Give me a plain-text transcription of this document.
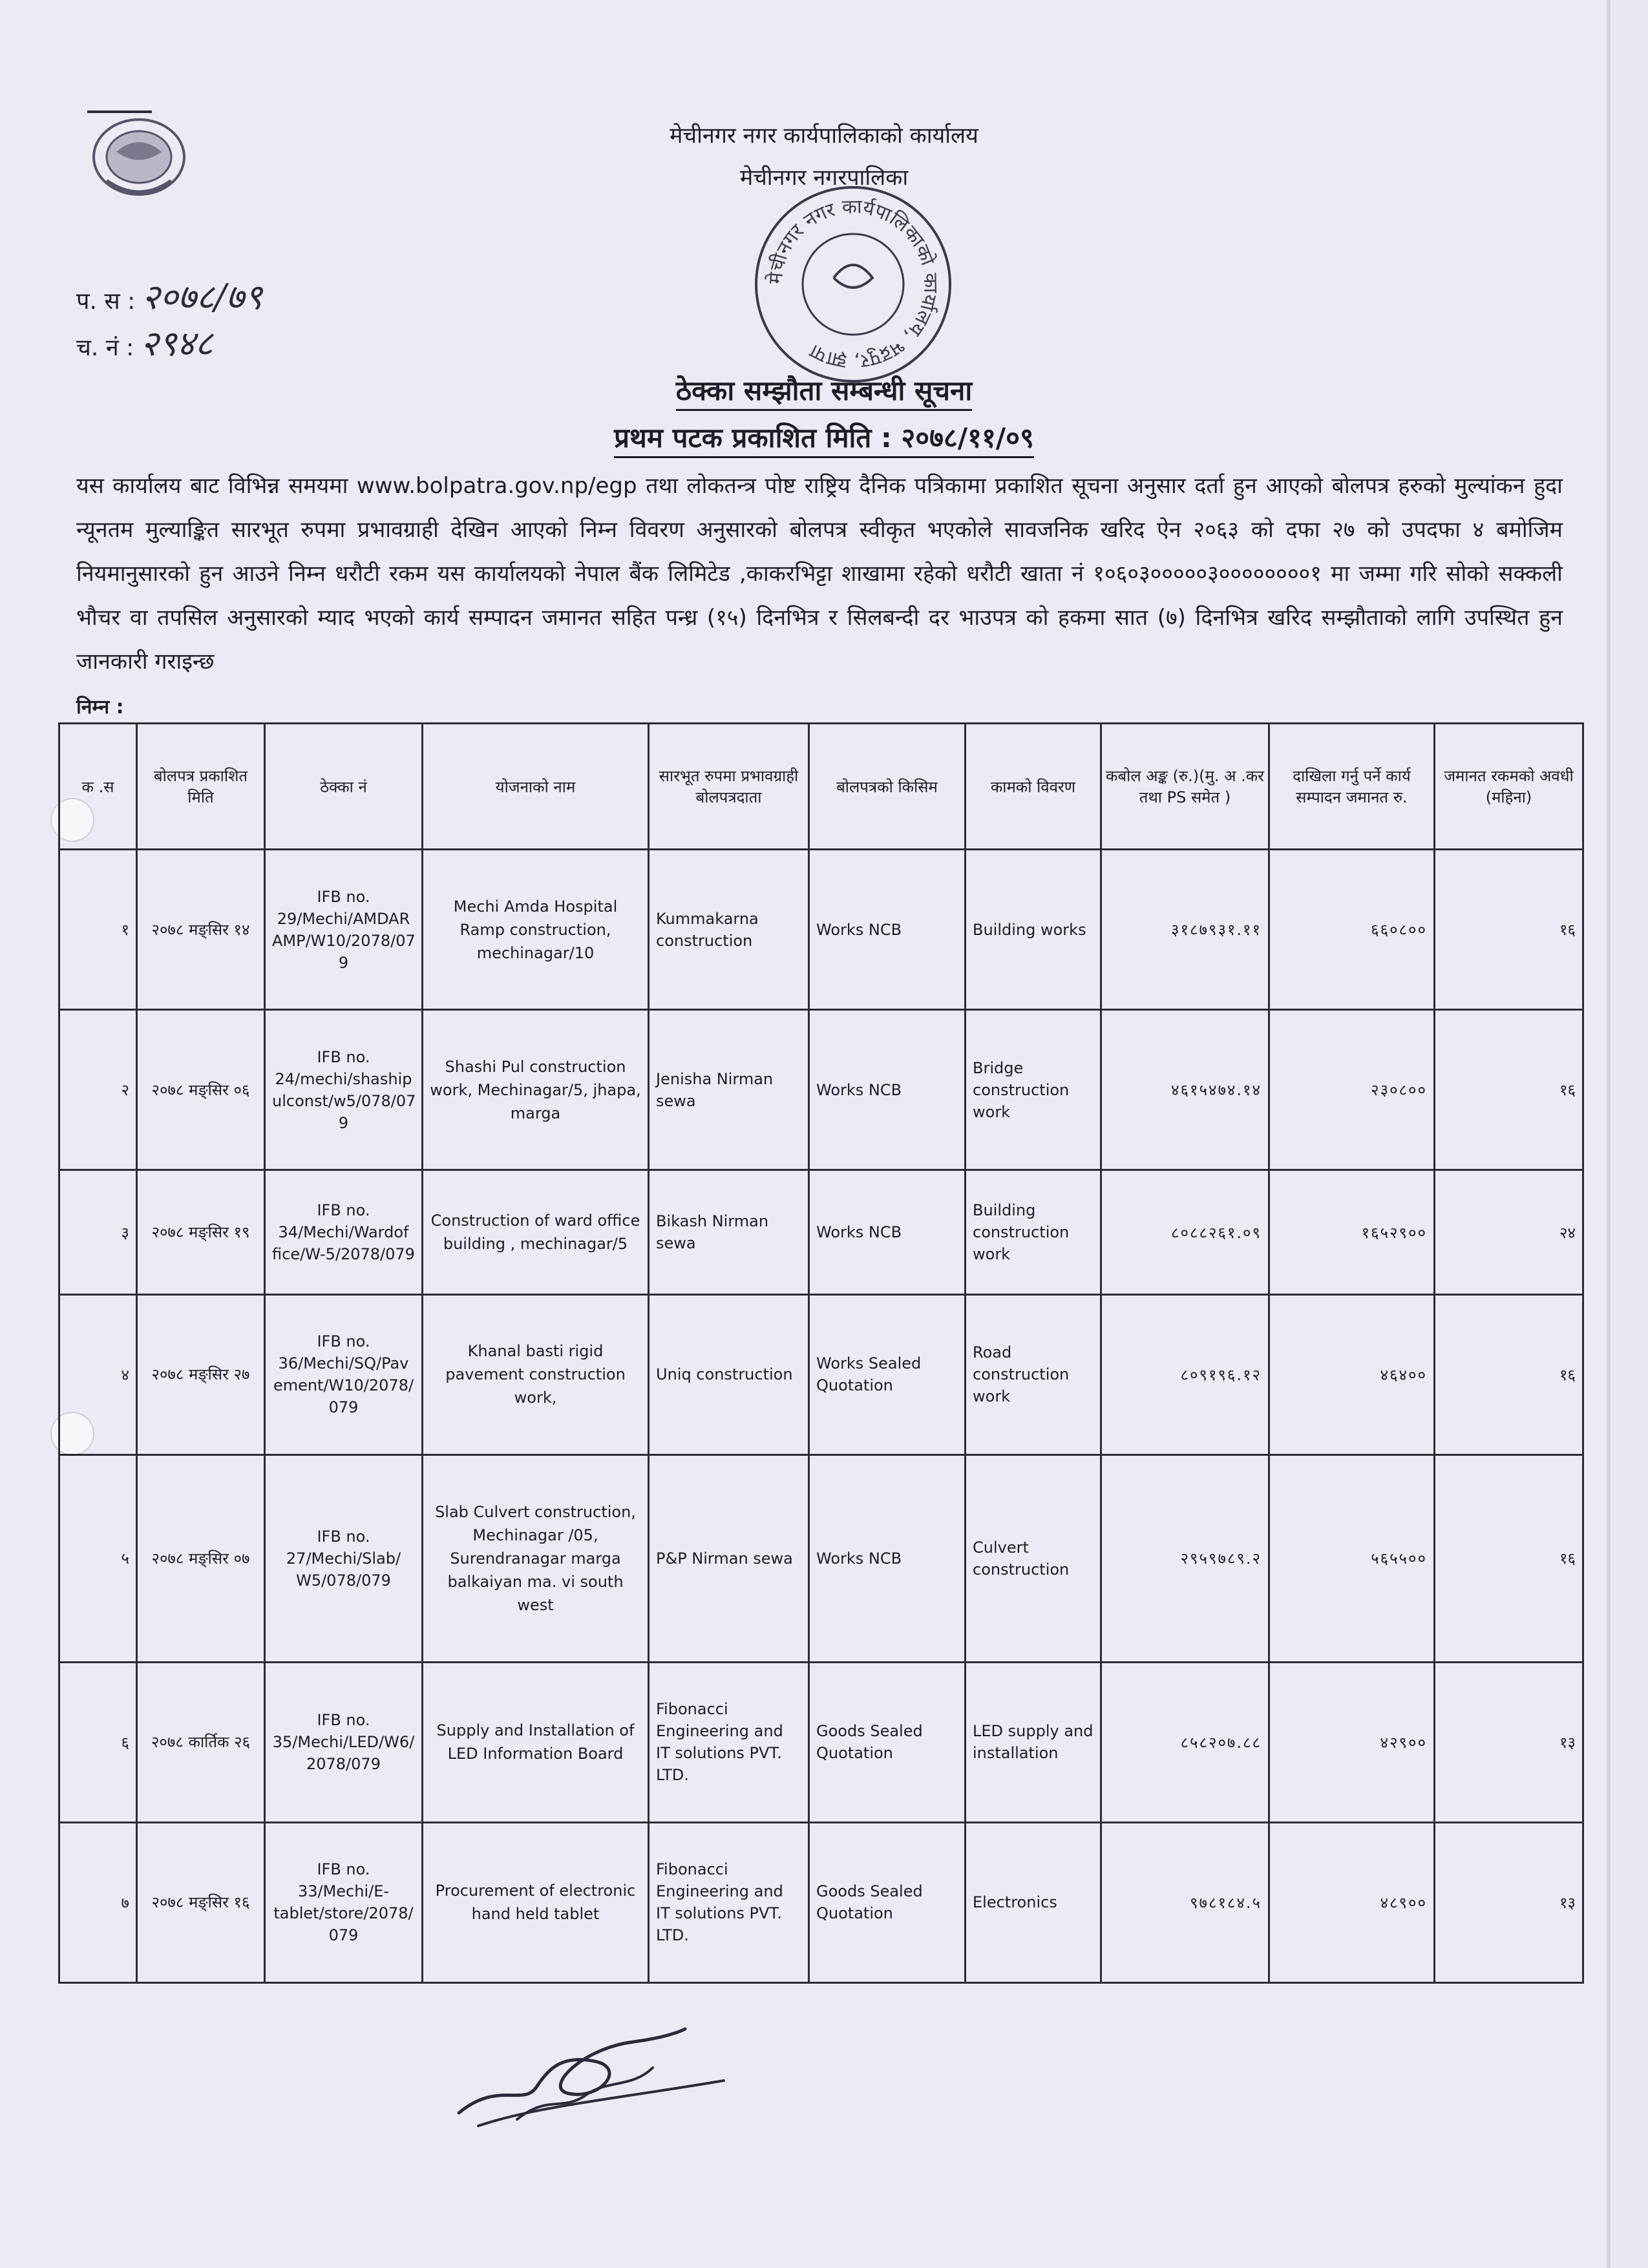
मेचीनगर नगर कार्यपालिकाको कार्यालय
मेचीनगर नगरपालिका
मेचीनगर नगर कार्यपालिकाको कार्यालय, भद्रपुर, झापा
प. स : २०७८/७९
च. नं : २९४८
ठेक्का सम्झौता सम्बन्धी सूचना
प्रथम पटक प्रकाशित मिति : २०७८/११/०९
यस कार्यालय बाट विभिन्न समयमा www.bolpatra.gov.np/egp तथा लोकतन्त्र पोष्ट राष्ट्रिय दैनिक पत्रिकामा प्रकाशित सूचना अनुसार दर्ता हुन आएको बोलपत्र हरुको मुल्यांकन हुदा न्यूनतम मुल्याङ्कित सारभूत रुपमा प्रभावग्राही देखिन आएको निम्न विवरण अनुसारको बोलपत्र स्वीकृत भएकोले सावजनिक खरिद ऐन २०६३ को दफा २७ को उपदफा ४ बमोजिम नियमानुसारको हुन आउने निम्न धरौटी रकम यस कार्यालयको नेपाल बैंक लिमिटेड ,काकरभिट्टा शाखामा रहेको धरौटी खाता नं १०६०३०००००३००००००००१ मा जम्मा गरि सोको सक्कली भौचर वा तपसिल अनुसारको म्याद भएको कार्य सम्पादन जमानत सहित पन्ध्र (१५) दिनभित्र र सिलबन्दी दर भाउपत्र को हकमा सात (७) दिनभित्र खरिद सम्झौताको लागि उपस्थित हुन जानकारी गराइन्छ
निम्न :
क .स	बोलपत्र प्रकाशित मिति	ठेक्का नं	योजनाको नाम	सारभूत रुपमा प्रभावग्राही बोलपत्रदाता	बोलपत्रको किसिम	कामको विवरण	कबोल अङ्क (रु.)(मु. अ .कर तथा PS समेत )	दाखिला गर्नु पर्ने कार्य सम्पादन जमानत रु.	जमानत रकमको अवधी (महिना)
१	२०७८ मङ्सिर १४	IFB no. 29/Mechi/AMDAR AMP/W10/2078/07 9	Mechi Amda Hospital Ramp construction, mechinagar/10	Kummakarna construction	Works NCB	Building works	३१८७९३१.११	६६०८००	१६
२	२०७८ मङ्सिर ०६	IFB no. 24/mechi/shaship ulconst/w5/078/07 9	Shashi Pul construction work, Mechinagar/5, jhapa, marga	Jenisha Nirman sewa	Works NCB	Bridge construction work	४६१५४७४.१४	२३०८००	१६
३	२०७८ मङ्सिर १९	IFB no. 34/Mechi/Wardof fice/W-5/2078/079	Construction of ward office building , mechinagar/5	Bikash Nirman sewa	Works NCB	Building construction work	८०८८२६१.०९	१६५२९००	२४
४	२०७८ मङ्सिर २७	IFB no. 36/Mechi/SQ/Pav ement/W10/2078/ 079	Khanal basti rigid pavement construction work,	Uniq construction	Works Sealed Quotation	Road construction work	८०९१९६.१२	४६४००	१६
५	२०७८ मङ्सिर ०७	IFB no. 27/Mechi/Slab/ W5/078/079	Slab Culvert construction, Mechinagar /05, Surendranagar marga balkaiyan ma. vi south west	P&P Nirman sewa	Works NCB	Culvert construction	२९५९७८९.२	५६५५००	१६
६	२०७८ कार्तिक २६	IFB no. 35/Mechi/LED/W6/ 2078/079	Supply and Installation of LED Information Board	Fibonacci Engineering and IT solutions PVT. LTD.	Goods Sealed Quotation	LED supply and installation	८५८२०७.८८	४२९००	१३
७	२०७८ मङ्सिर १६	IFB no. 33/Mechi/E-tablet/store/2078/ 079	Procurement of electronic hand held tablet	Fibonacci Engineering and IT solutions PVT. LTD.	Goods Sealed Quotation	Electronics	९७८१८४.५	४८९००	१३
